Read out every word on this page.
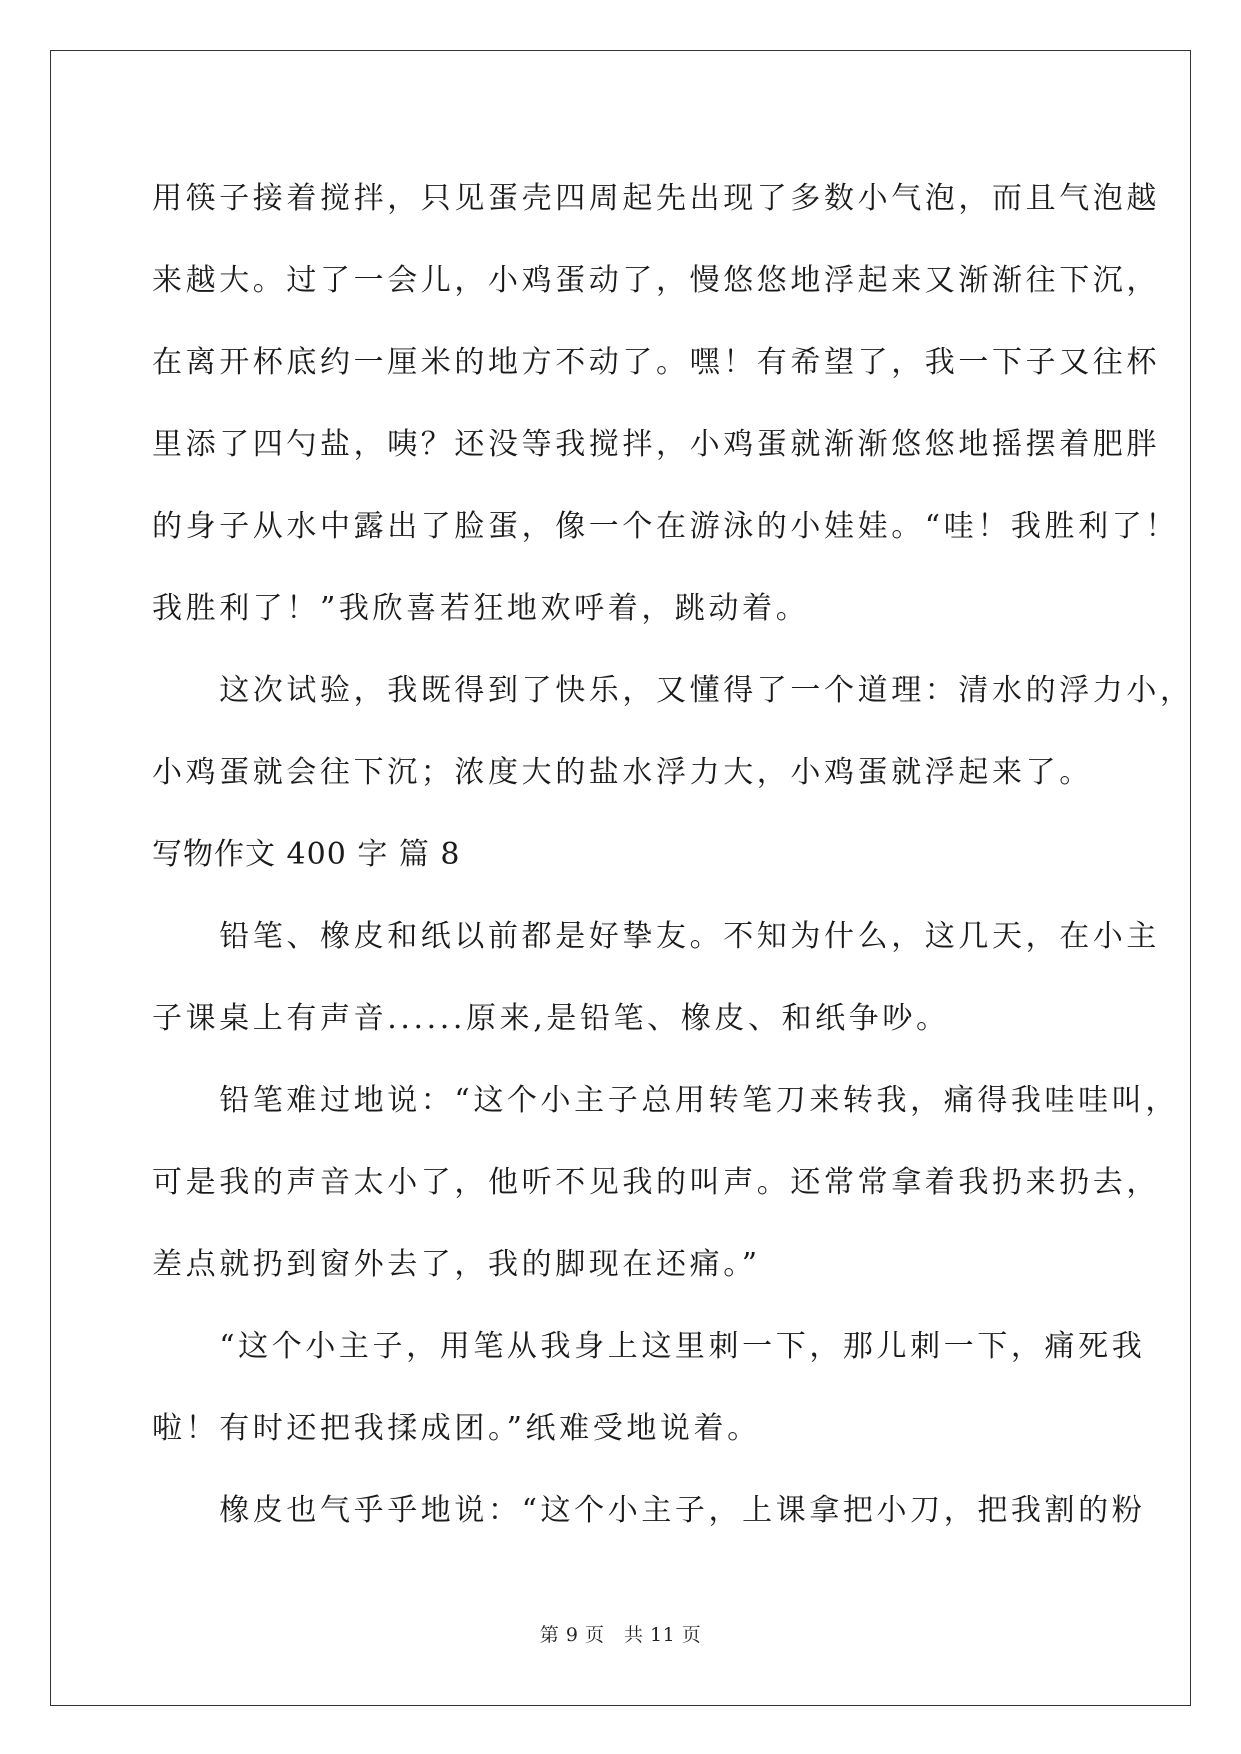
用筷子接着搅拌，只见蛋壳四周起先出现了多数小气泡，而且气泡越
来越大。过了一会儿，小鸡蛋动了，慢悠悠地浮起来又渐渐往下沉，
在离开杯底约一厘米的地方不动了。嘿！有希望了，我一下子又往杯
里添了四勺盐，咦？还没等我搅拌，小鸡蛋就渐渐悠悠地摇摆着肥胖
的身子从水中露出了脸蛋，像一个在游泳的小娃娃。“哇！我胜利了！
我胜利了！”我欣喜若狂地欢呼着，跳动着。
　　这次试验，我既得到了快乐，又懂得了一个道理：清水的浮力小，
小鸡蛋就会往下沉；浓度大的盐水浮力大，小鸡蛋就浮起来了。
写物作文 400 字 篇 8
　　铅笔、橡皮和纸以前都是好挚友。不知为什么，这几天，在小主
子课桌上有声音......原来,是铅笔、橡皮、和纸争吵。
　　铅笔难过地说：“这个小主子总用转笔刀来转我，痛得我哇哇叫，
可是我的声音太小了，他听不见我的叫声。还常常拿着我扔来扔去，
差点就扔到窗外去了，我的脚现在还痛。”
　　“这个小主子，用笔从我身上这里刺一下，那儿刺一下，痛死我
啦！有时还把我揉成团。”纸难受地说着。
　　橡皮也气乎乎地说：“这个小主子，上课拿把小刀，把我割的粉
第 9 页　共 11 页
